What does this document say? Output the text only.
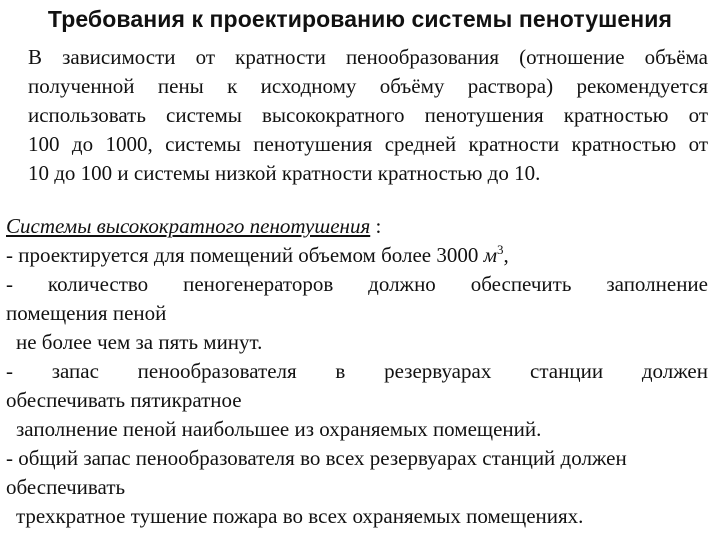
Требования к проектированию системы пенотушения
В зависимости от кратности пенообразования (отношение объёма
полученной пены к исходному объёму раствора) рекомендуется
использовать системы высокократного пенотушения кратностью от
100 до 1000, системы пенотушения средней кратности кратностью от
10 до 100 и системы низкой кратности кратностью до 10.
Системы высокократного пенотушения :
- проектируется для помещений объемом более 3000 $м^3$,
- количество пеногенераторов должно обеспечить заполнение
помещения пеной
не более чем за пять минут.
- запас пенообразователя в резервуарах станции должен
обеспечивать пятикратное
заполнение пеной наибольшее из охраняемых помещений.
- общий запас пенообразователя во всех резервуарах станций должен
обеспечивать
трехкратное тушение пожара во всех охраняемых помещениях.
